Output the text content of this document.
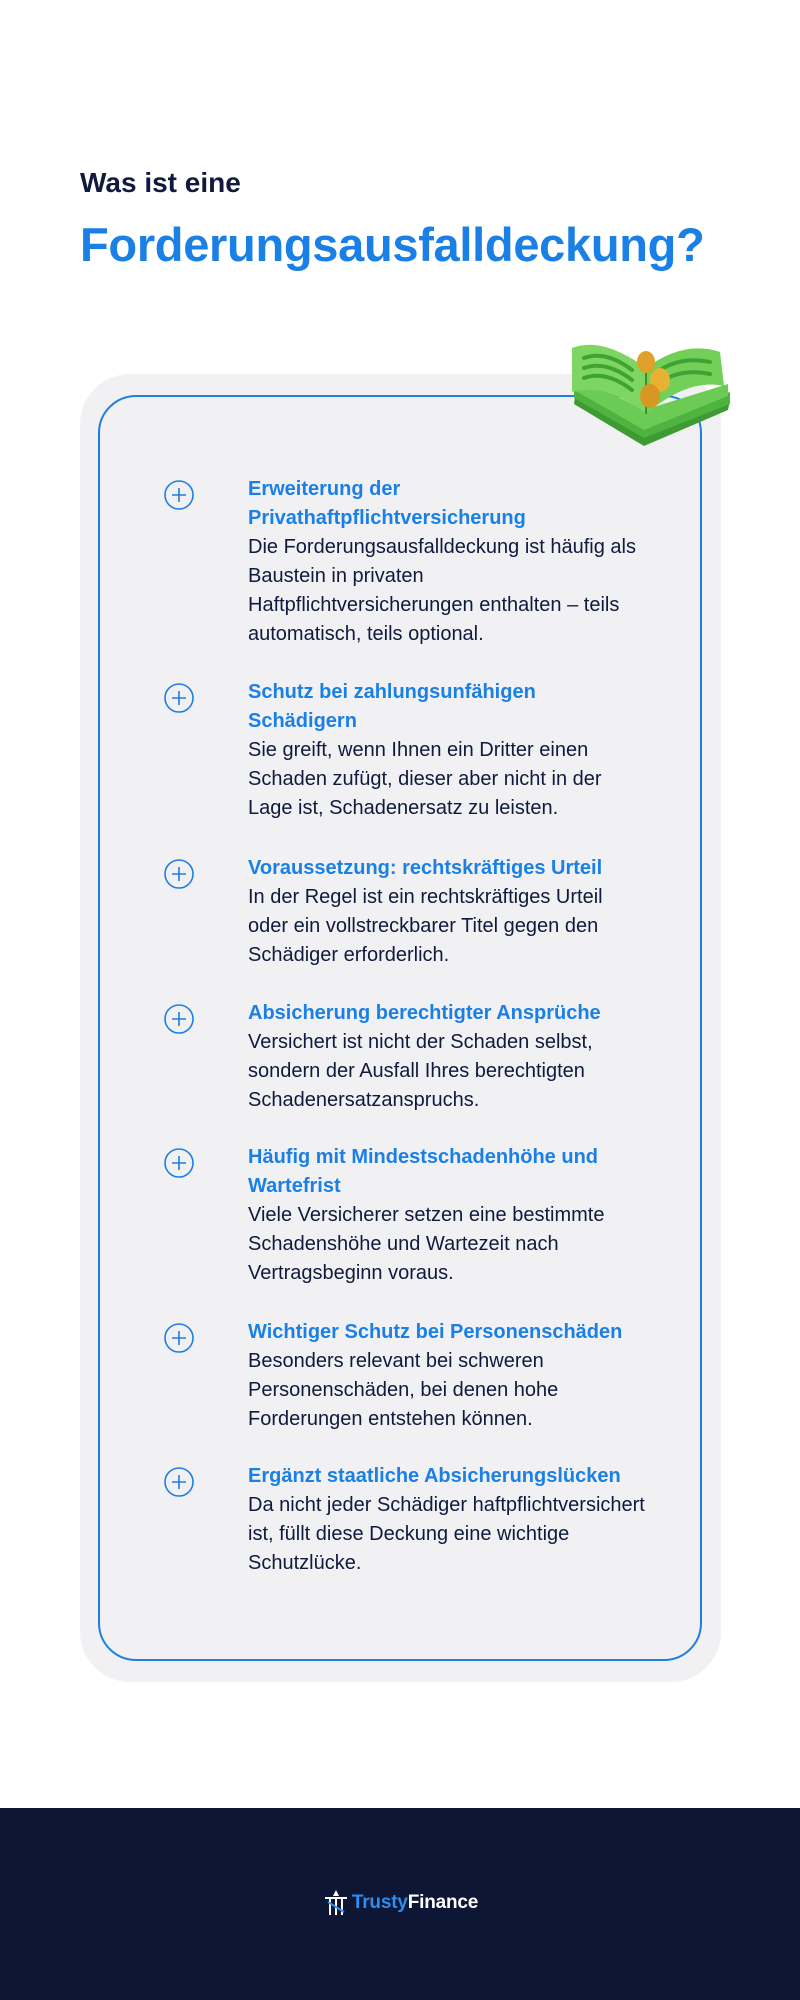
Was ist eine
Forderungsausfalldeckung?
Erweiterung der Privathaftpflichtversicherung
Die Forderungsausfalldeckung ist häufig als Baustein in privaten Haftpflichtversicherungen enthalten – teils automatisch, teils optional.
Schutz bei zahlungsunfähigen Schädigern
Sie greift, wenn Ihnen ein Dritter einen Schaden zufügt, dieser aber nicht in der Lage ist, Schadenersatz zu leisten.
Voraussetzung: rechtskräftiges Urteil
In der Regel ist ein rechtskräftiges Urteil oder ein vollstreckbarer Titel gegen den Schädiger erforderlich.
Absicherung berechtigter Ansprüche
Versichert ist nicht der Schaden selbst, sondern der Ausfall Ihres berechtigten Schadenersatzanspruchs.
Häufig mit Mindestschadenhöhe und Wartefrist
Viele Versicherer setzen eine bestimmte Schadenshöhe und Wartezeit nach Vertragsbeginn voraus.
Wichtiger Schutz bei Personenschäden
Besonders relevant bei schweren Personenschäden, bei denen hohe Forderungen entstehen können.
Ergänzt staatliche Absicherungslücken
Da nicht jeder Schädiger haftpflichtversichert ist, füllt diese Deckung eine wichtige Schutzlücke.
TrustyFinance
